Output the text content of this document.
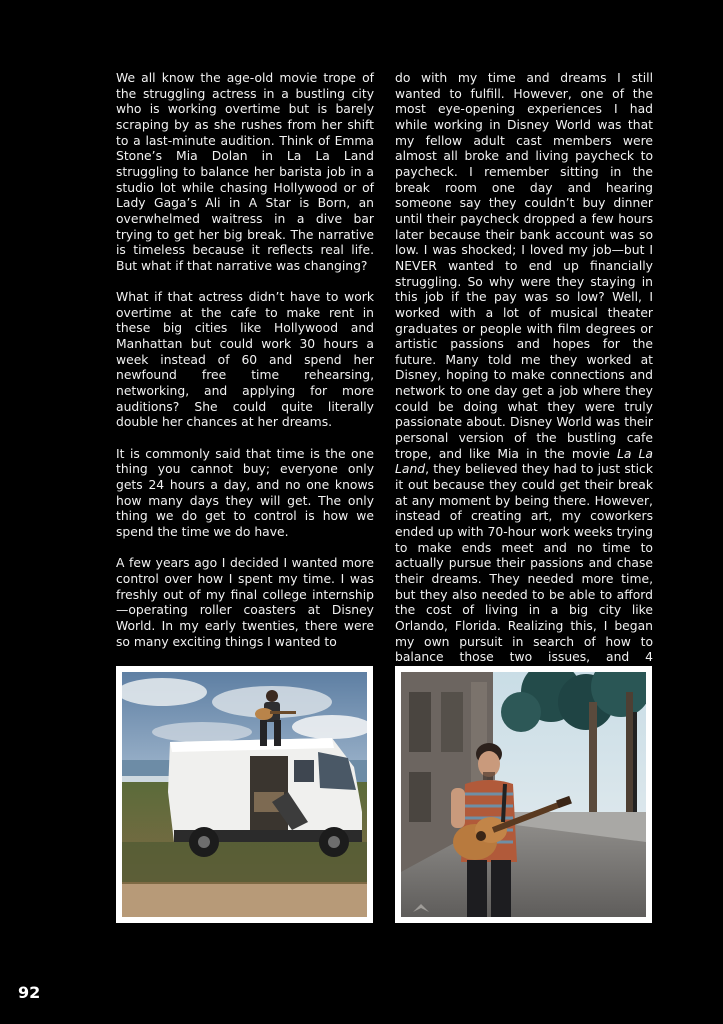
We all know the age-old movie trope of the struggling actress in a bustling city who is working overtime but is barely scraping by as she rushes from her shift to a last-minute audition. Think of Emma Stone’s Mia Dolan in La La Land struggling to balance her barista job in a studio lot while chasing Hollywood or of Lady Gaga’s Ali in A Star is Born, an overwhelmed waitress in a dive bar trying to get her big break. The narrative is timeless because it reflects real life. But what if that narrative was changing?

What if that actress didn’t have to work overtime at the cafe to make rent in these big cities like Hollywood and Manhattan but could work 30 hours a week instead of 60 and spend her newfound free time rehearsing, networking, and applying for more auditions? She could quite literally double her chances at her dreams.

It is commonly said that time is the one thing you cannot buy; everyone only gets 24 hours a day, and no one knows how many days they will get. The only thing we do get to control is how we spend the time we do have.

A few years ago I decided I wanted more control over how I spent my time. I was freshly out of my final college internship—operating roller coasters at Disney World. In my early twenties, there were so many exciting things I wanted to

do with my time and dreams I still wanted to fulfill. However, one of the most eye-opening experiences I had while working in Disney World was that my fellow adult cast members were almost all broke and living paycheck to paycheck. I remember sitting in the break room one day and hearing someone say they couldn’t buy dinner until their paycheck dropped a few hours later because their bank account was so low. I was shocked; I loved my job—but I NEVER wanted to end up financially struggling. So why were they staying in this job if the pay was so low? Well, I worked with a lot of musical theater graduates or people with film degrees or artistic passions and hopes for the future. Many told me they worked at Disney, hoping to make connections and network to one day get a job where they could be doing what they were truly passionate about. Disney World was their personal version of the bustling cafe trope, and like Mia in the movie La La Land, they believed they had to just stick it out because they could get their break at any moment by being there. However, instead of creating art, my coworkers ended up with 70-hour work weeks trying to make ends meet and no time to actually pursue their passions and chase their dreams. They needed more time, but they also needed to be able to afford the cost of living in a big city like Orlando, Florida. Realizing this, I began my own pursuit in search of how to balance those two issues, and 4

92
